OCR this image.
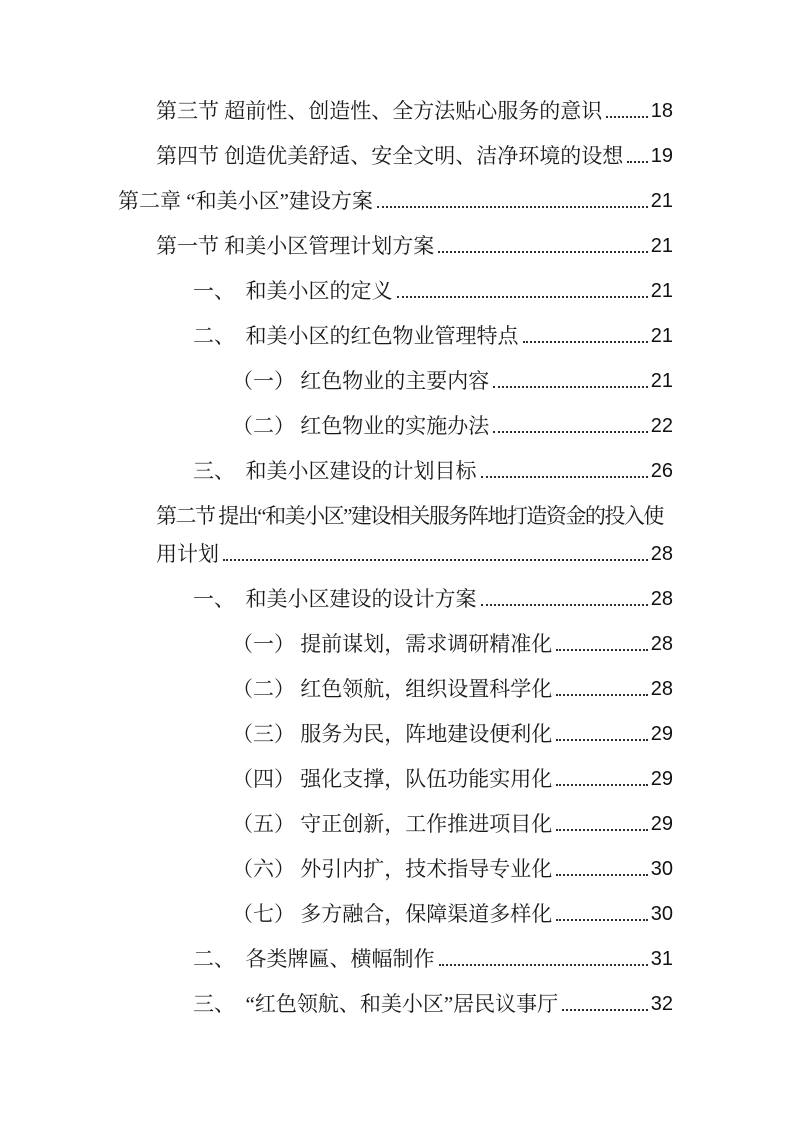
第三节 超前性、创造性、全方法贴心服务的意识 18
第四节 创造优美舒适、安全文明、洁净环境的设想 19
第二章 “和美小区”建设方案	21
第一节 和美小区管理计划方案	21
一、　和美小区的定义	21
二、　和美小区的红色物业管理特点	21
（一） 红色物业的主要内容	21
（二） 红色物业的实施办法	22
三、　和美小区建设的计划目标	26
第二节 提出“和美小区”建设相关服务阵地打造资金的投入使
用计划	28
一、　和美小区建设的设计方案	28
（一） 提前谋划，需求调研精准化	28
（二） 红色领航，组织设置科学化	28
（三） 服务为民，阵地建设便利化	29
（四） 强化支撑，队伍功能实用化	29
（五） 守正创新，工作推进项目化	29
（六） 外引内扩，技术指导专业化	30
（七） 多方融合，保障渠道多样化	30
二、　各类牌匾、横幅制作	31
三、　“红色领航、和美小区”居民议事厅	32
